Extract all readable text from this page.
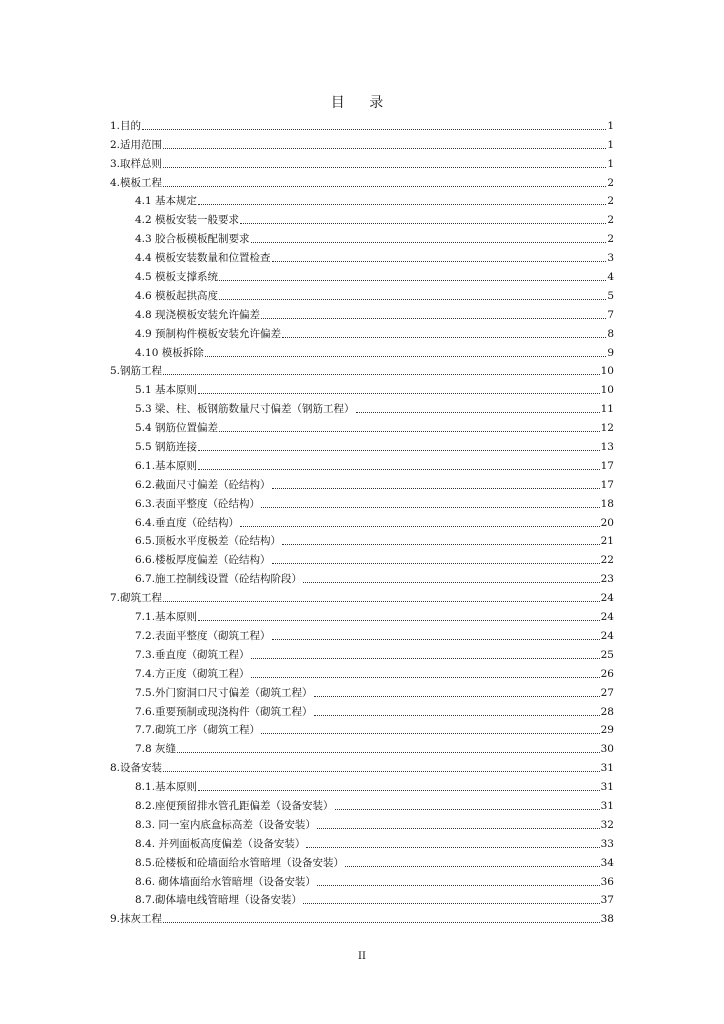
目 录
1.目的	1
2.适用范围	1
3.取样总则	1
4.模板工程	2
4.1 基本规定	2
4.2 模板安装一般要求	2
4.3 胶合板模板配制要求	2
4.4 模板安装数量和位置检查	3
4.5 模板支撑系统	4
4.6 模板起拱高度	5
4.8 现浇模板安装允许偏差	7
4.9 预制构件模板安装允许偏差	8
4.10 模板拆除	9
5.钢筋工程	10
5.1 基本原则	10
5.3 梁、柱、板钢筋数量尺寸偏差（钢筋工程）	11
5.4 钢筋位置偏差	12
5.5 钢筋连接	13
6.1.基本原则	17
6.2.截面尺寸偏差（砼结构）	17
6.3.表面平整度（砼结构）	18
6.4.垂直度（砼结构）	20
6.5.顶板水平度极差（砼结构）	21
6.6.楼板厚度偏差（砼结构）	22
6.7.施工控制线设置（砼结构阶段）	23
7.砌筑工程	24
7.1.基本原则	24
7.2.表面平整度（砌筑工程）	24
7.3.垂直度（砌筑工程）	25
7.4.方正度（砌筑工程）	26
7.5.外门窗洞口尺寸偏差（砌筑工程）	27
7.6.重要预制或现浇构件（砌筑工程）	28
7.7.砌筑工序（砌筑工程）	29
7.8 灰缝	30
8.设备安装	31
8.1.基本原则	31
8.2.座便预留排水管孔距偏差（设备安装）	31
8.3. 同一室内底盒标高差（设备安装）	32
8.4. 并列面板高度偏差（设备安装）	33
8.5.砼楼板和砼墙面给水管暗埋（设备安装）	34
8.6. 砌体墙面给水管暗埋（设备安装）	36
8.7.砌体墙电线管暗埋（设备安装）	37
9.抹灰工程	38
II
